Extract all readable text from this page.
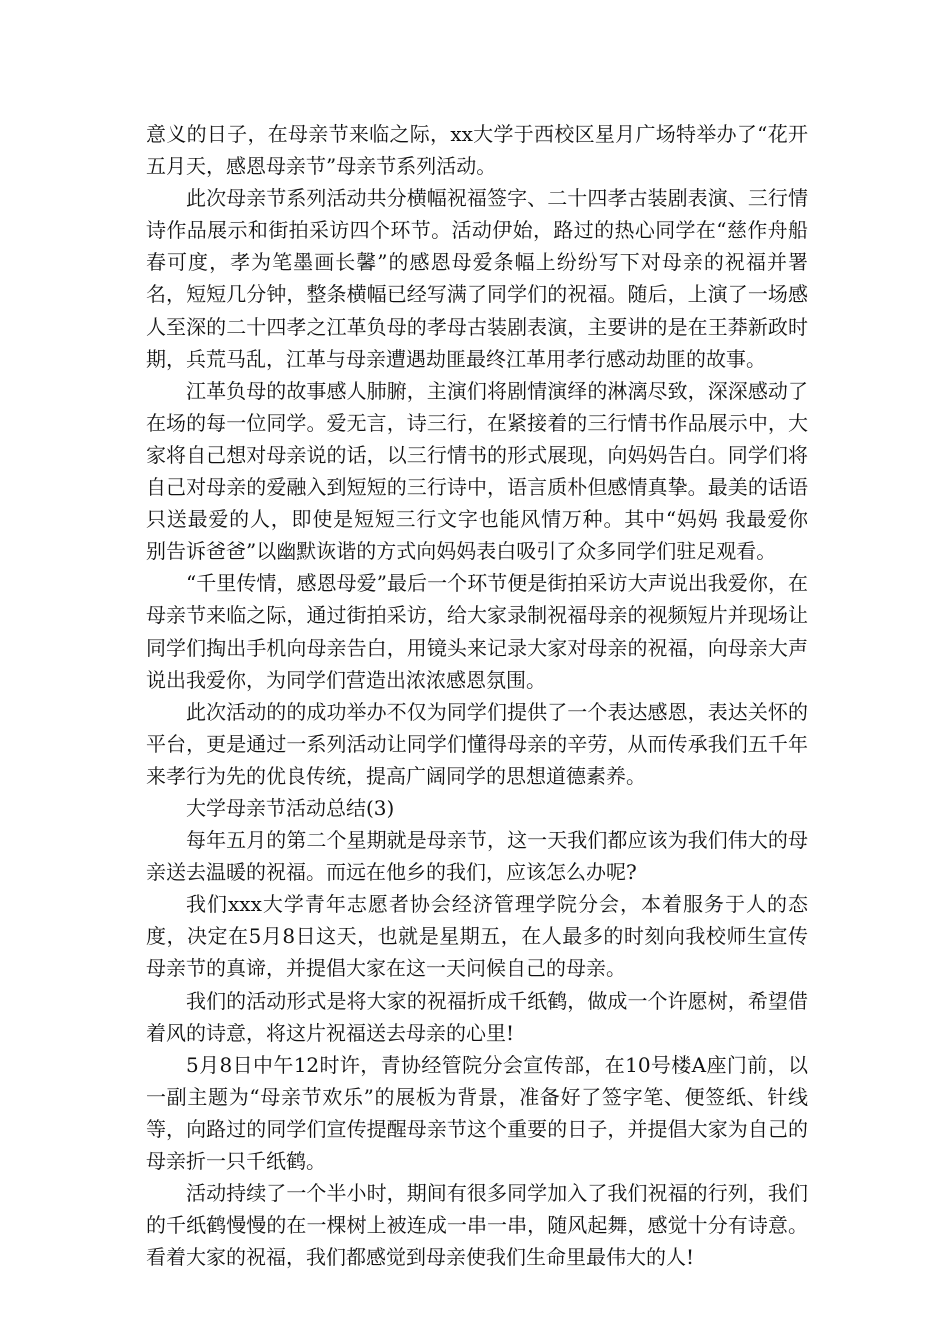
意义的日子，在母亲节来临之际，xx大学于西校区星月广场特举办了“花开五月天，感恩母亲节”母亲节系列活动。

此次母亲节系列活动共分横幅祝福签字、二十四孝古装剧表演、三行情诗作品展示和街拍采访四个环节。活动伊始，路过的热心同学在“慈作舟船春可度，孝为笔墨画长馨”的感恩母爱条幅上纷纷写下对母亲的祝福并署名，短短几分钟，整条横幅已经写满了同学们的祝福。随后，上演了一场感人至深的二十四孝之江革负母的孝母古装剧表演，主要讲的是在王莽新政时期，兵荒马乱，江革与母亲遭遇劫匪最终江革用孝行感动劫匪的故事。

江革负母的故事感人肺腑，主演们将剧情演绎的淋漓尽致，深深感动了在场的每一位同学。爱无言，诗三行，在紧接着的三行情书作品展示中，大家将自己想对母亲说的话，以三行情书的形式展现，向妈妈告白。同学们将自己对母亲的爱融入到短短的三行诗中，语言质朴但感情真挚。最美的话语只送最爱的人，即使是短短三行文字也能风情万种。其中“妈妈 我最爱你 别告诉爸爸”以幽默诙谐的方式向妈妈表白吸引了众多同学们驻足观看。

“千里传情，感恩母爱”最后一个环节便是街拍采访大声说出我爱你，在母亲节来临之际，通过街拍采访，给大家录制祝福母亲的视频短片并现场让同学们掏出手机向母亲告白，用镜头来记录大家对母亲的祝福，向母亲大声说出我爱你，为同学们营造出浓浓感恩氛围。

此次活动的的成功举办不仅为同学们提供了一个表达感恩，表达关怀的平台，更是通过一系列活动让同学们懂得母亲的辛劳，从而传承我们五千年来孝行为先的优良传统，提高广阔同学的思想道德素养。

大学母亲节活动总结(3)

每年五月的第二个星期就是母亲节，这一天我们都应该为我们伟大的母亲送去温暖的祝福。而远在他乡的我们，应该怎么办呢?

我们xxx大学青年志愿者协会经济管理学院分会，本着服务于人的态度，决定在5月8日这天，也就是星期五，在人最多的时刻向我校师生宣传母亲节的真谛，并提倡大家在这一天问候自己的母亲。

我们的活动形式是将大家的祝福折成千纸鹤，做成一个许愿树，希望借着风的诗意，将这片祝福送去母亲的心里!

5月8日中午12时许，青协经管院分会宣传部，在10号楼A座门前，以一副主题为“母亲节欢乐”的展板为背景，准备好了签字笔、便签纸、针线等，向路过的同学们宣传提醒母亲节这个重要的日子，并提倡大家为自己的母亲折一只千纸鹤。

活动持续了一个半小时，期间有很多同学加入了我们祝福的行列，我们的千纸鹤慢慢的在一棵树上被连成一串一串，随风起舞，感觉十分有诗意。看着大家的祝福，我们都感觉到母亲使我们生命里最伟大的人!
